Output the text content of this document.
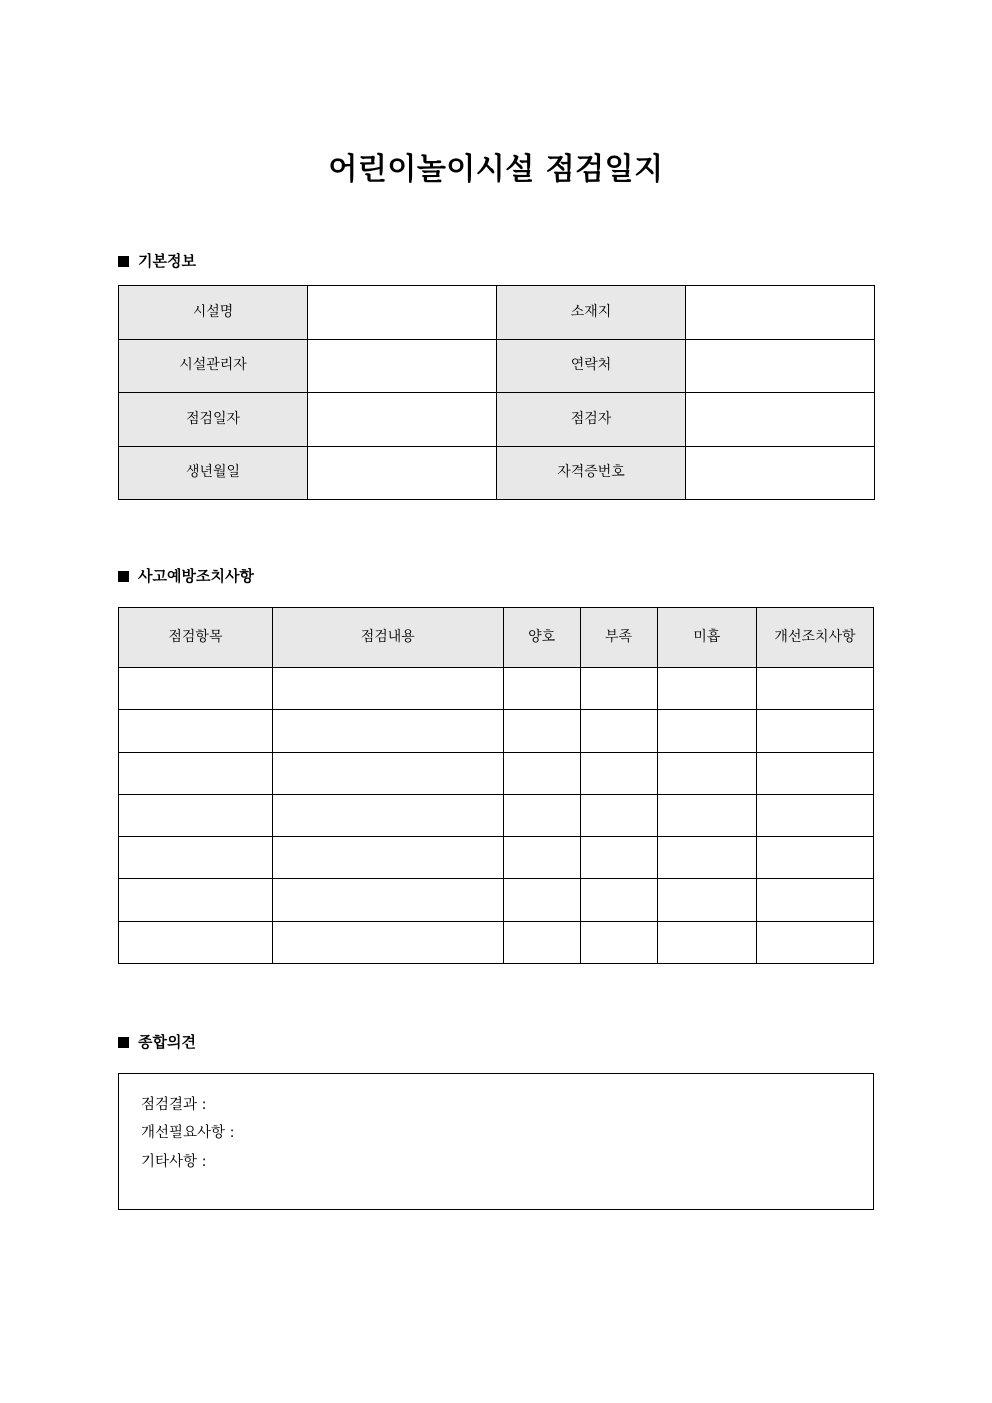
어린이놀이시설 점검일지
기본정보
시설명		소재지	
시설관리자		연락처	
점검일자		점검자	
생년월일		자격증번호	
사고예방조치사항
점검항목	점검내용	양호	부족	미흡	개선조치사항

종합의견
점검결과 :
개선필요사항 :
기타사항 :
